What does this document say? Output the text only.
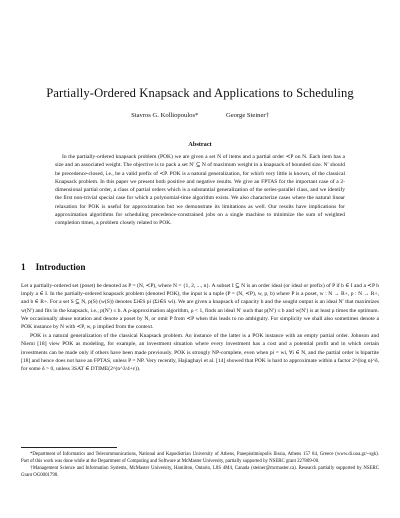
Partially-Ordered Knapsack and Applications to Scheduling
Stavros G. Kolliopoulos*	George Steiner†
Abstract

In the partially-ordered knapsack problem (POK) we are given a set N of items and a partial order ≺P on N. Each item has a size and an associated weight. The objective is to pack a set N′ ⊆ N of maximum weight in a knapsack of bounded size. N′ should be precedence-closed, i.e., be a valid prefix of ≺P. POK is a natural generalization, for which very little is known, of the classical Knapsack problem. In this paper we present both positive and negative results. We give an FPTAS for the important case of a 2-dimensional partial order, a class of partial orders which is a substantial generalization of the series-parallel class, and we identify the first non-trivial special case for which a polynomial-time algorithm exists. We also characterize cases where the natural linear relaxation for POK is useful for approximation but we demonstrate its limitations as well. Our results have implications for approximation algorithms for scheduling precedence-constrained jobs on a single machine to minimize the sum of weighted completion times, a problem closely related to POK.

1 Introduction

Let a partially-ordered set (poset) be denoted as P = (N, ≺P), where N = {1, 2, ..., n}. A subset I ⊆ N is an order ideal (or ideal or prefix) of P if b ∈ I and a ≺P b imply a ∈ I. In the partially-ordered knapsack problem (denoted POK), the input is a tuple (P = (N, ≺P), w, p, b) where P is a poset, w : N → R+, p : N → R+, and b ∈ R+. For a set S ⊆ N, p(S) (w(S)) denotes Σi∈S pi (Σi∈S wi). We are given a knapsack of capacity b and the sought output is an ideal N′ that maximizes w(N′) and fits in the knapsack, i.e., p(N′) ≤ b. A ρ-approximation algorithm, ρ < 1, finds an ideal N′ such that p(N′) ≤ b and w(N′) is at least ρ times the optimum. We occasionally abuse notation and denote a poset by N, or omit P from ≺P when this leads to no ambiguity. For simplicity we shall also sometimes denote a POK instance by N with ≺P, w, p implied from the context.

POK is a natural generalization of the classical Knapsack problem. An instance of the latter is a POK instance with an empty partial order. Johnson and Niemi [18] view POK as modeling, for example, an investment situation where every investment has a cost and a potential profit and in which certain investments can be made only if others have been made previously. POK is strongly NP-complete, even when pi = wi, ∀i ∈ N, and the partial order is bipartite [18] and hence does not have an FPTAS, unless P = NP. Very recently, Hajiaghayi et al. [14] showed that POK is hard to approximate within a factor 2^(log n)^δ, for some δ > 0, unless 3SAT ∈ DTIME(2^(n^3/4+ε)).

*Department of Informatics and Telecommunications, National and Kapodistrian University of Athens, Panepistimiopolis Ilissia, Athens 157 84, Greece (www.di.uoa.gr/~sgk). Part of this work was done while at the Department of Computing and Software at McMaster University, partially supported by NSERC grant 227809-00.

†Management Science and Information Systems, McMaster University, Hamilton, Ontario, L8S 4M4, Canada (steiner@mcmaster.ca). Research partially supported by NSERC Grant OG0001798.
